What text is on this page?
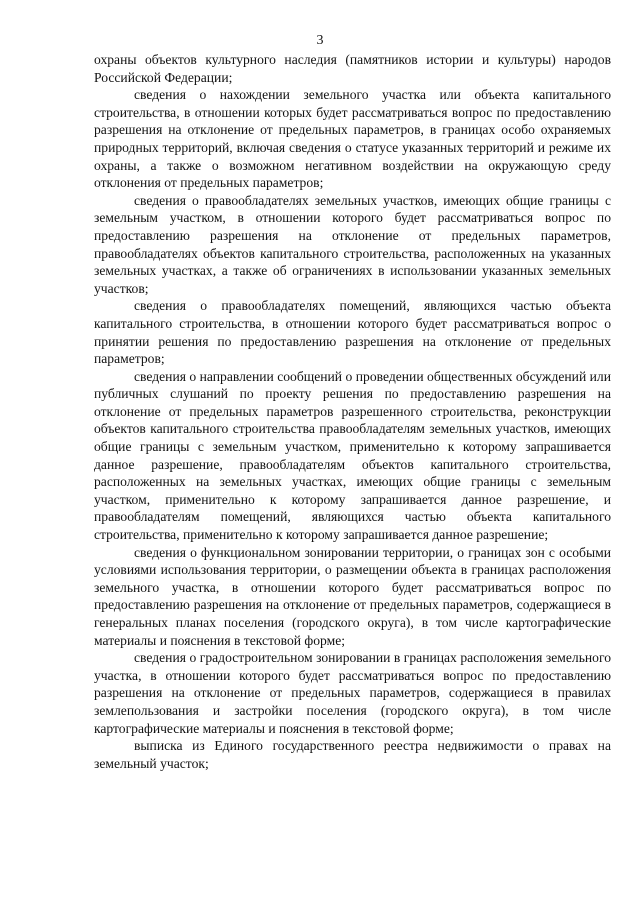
3

охраны объектов культурного наследия (памятников истории и культуры) народов Российской Федерации;

сведения о нахождении земельного участка или объекта капитального строительства, в отношении которых будет рассматриваться вопрос по предоставлению разрешения на отклонение от предельных параметров, в границах особо охраняемых природных территорий, включая сведения о статусе указанных территорий и режиме их охраны, а также о возможном негативном воздействии на окружающую среду отклонения от предельных параметров;

сведения о правообладателях земельных участков, имеющих общие границы с земельным участком, в отношении которого будет рассматриваться вопрос по предоставлению разрешения на отклонение от предельных параметров, правообладателях объектов капитального строительства, расположенных на указанных земельных участках, а также об ограничениях в использовании указанных земельных участков;

сведения о правообладателях помещений, являющихся частью объекта капитального строительства, в отношении которого будет рассматриваться вопрос о принятии решения по предоставлению разрешения на отклонение от предельных параметров;

сведения о направлении сообщений о проведении общественных обсуждений или публичных слушаний по проекту решения по предоставлению разрешения на отклонение от предельных параметров разрешенного строительства, реконструкции объектов капитального строительства правообладателям земельных участков, имеющих общие границы с земельным участком, применительно к которому запрашивается данное разрешение, правообладателям объектов капитального строительства, расположенных на земельных участках, имеющих общие границы с земельным участком, применительно к которому запрашивается данное разрешение, и правообладателям помещений, являющихся частью объекта капитального строительства, применительно к которому запрашивается данное разрешение;

сведения о функциональном зонировании территории, о границах зон с особыми условиями использования территории, о размещении объекта в границах расположения земельного участка, в отношении которого будет рассматриваться вопрос по предоставлению разрешения на отклонение от предельных параметров, содержащиеся в генеральных планах поселения (городского округа), в том числе картографические материалы и пояснения в текстовой форме;

сведения о градостроительном зонировании в границах расположения земельного участка, в отношении которого будет рассматриваться вопрос по предоставлению разрешения на отклонение от предельных параметров, содержащиеся в правилах землепользования и застройки поселения (городского округа), в том числе картографические материалы и пояснения в текстовой форме;

выписка из Единого государственного реестра недвижимости о правах на земельный участок;
